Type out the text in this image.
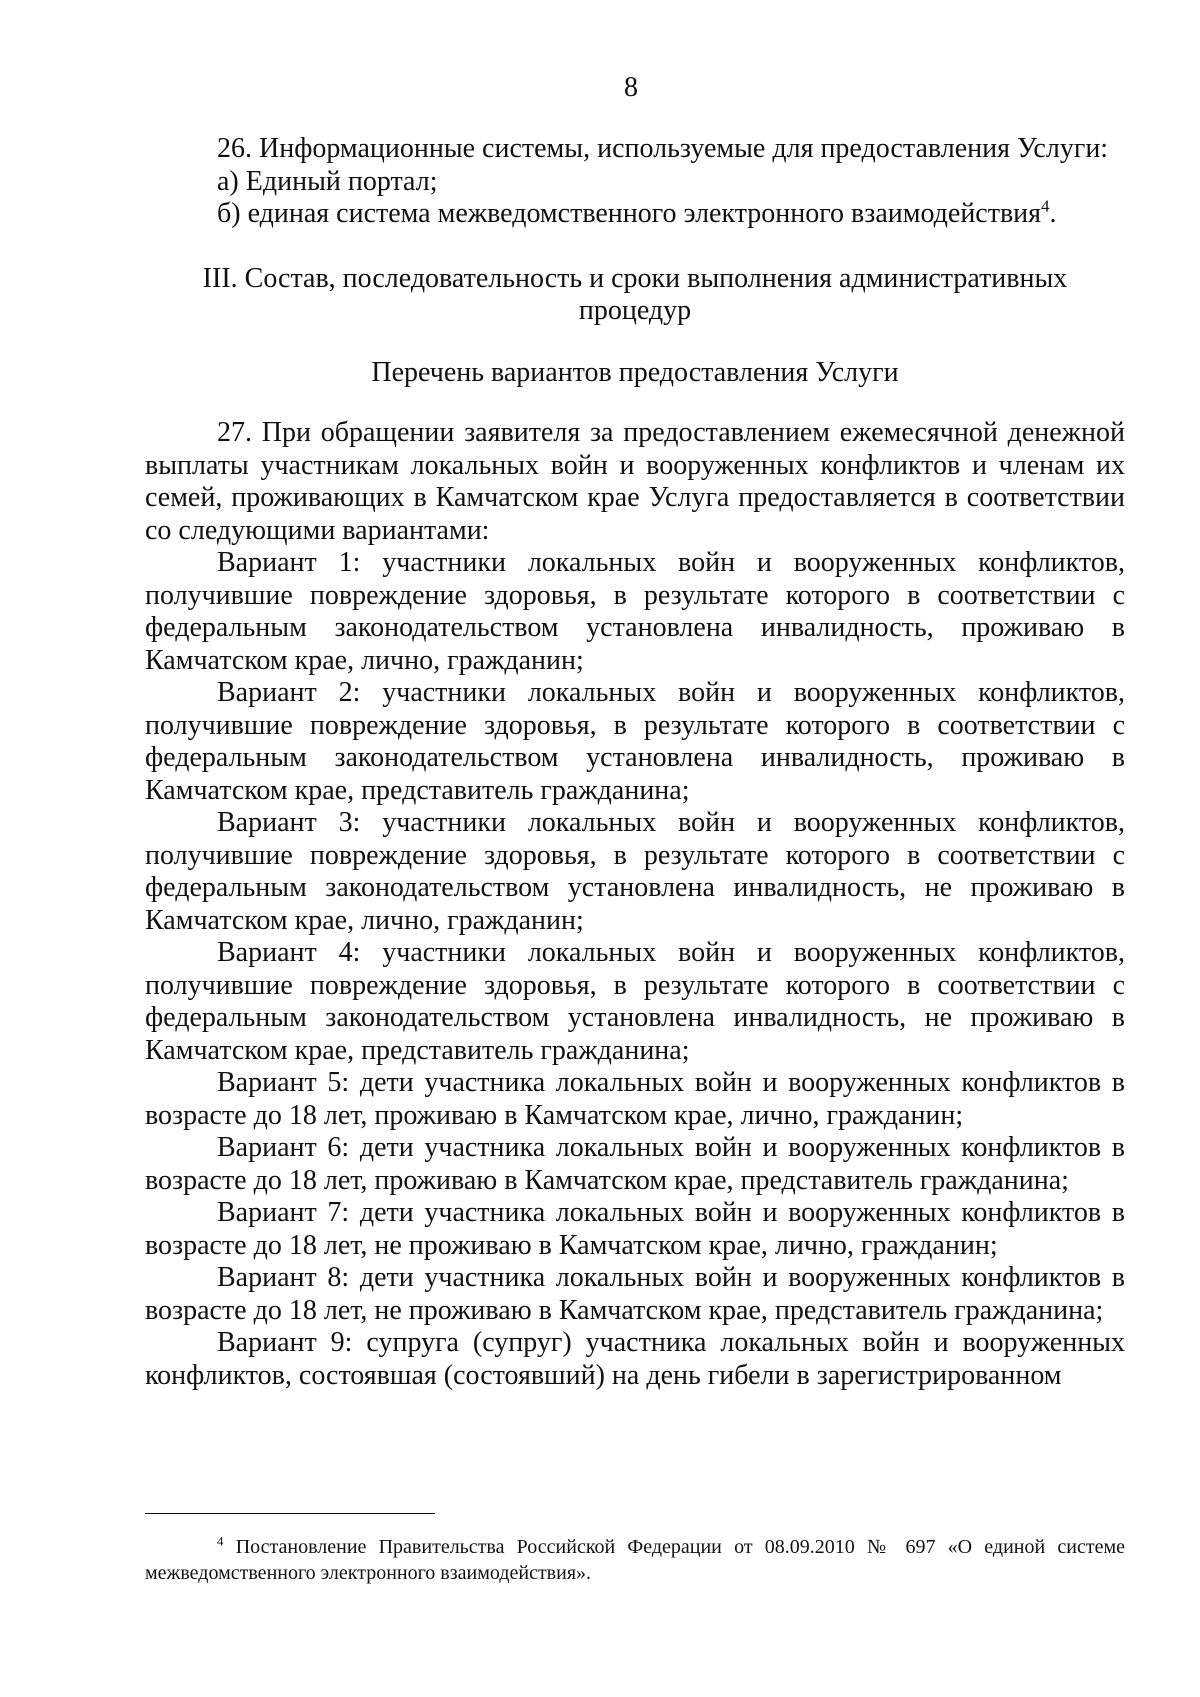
8

26. Информационные системы, используемые для предоставления Услуги:

а) Единый портал;

б) единая система межведомственного электронного взаимодействия$^4$.

III. Состав, последовательность и сроки выполнения административных процедур

Перечень вариантов предоставления Услуги

27. При обращении заявителя за предоставлением ежемесячной денежной выплаты участникам локальных войн и вооруженных конфликтов и членам их семей, проживающих в Камчатском крае Услуга предоставляется в соответствии со следующими вариантами:

Вариант 1: участники локальных войн и вооруженных конфликтов, получившие повреждение здоровья, в результате которого в соответствии с федеральным законодательством установлена инвалидность, проживаю в Камчатском крае, лично, гражданин;

Вариант 2: участники локальных войн и вооруженных конфликтов, получившие повреждение здоровья, в результате которого в соответствии с федеральным законодательством установлена инвалидность, проживаю в Камчатском крае, представитель гражданина;

Вариант 3: участники локальных войн и вооруженных конфликтов, получившие повреждение здоровья, в результате которого в соответствии с федеральным законодательством установлена инвалидность, не проживаю в Камчатском крае, лично, гражданин;

Вариант 4: участники локальных войн и вооруженных конфликтов, получившие повреждение здоровья, в результате которого в соответствии с федеральным законодательством установлена инвалидность, не проживаю в Камчатском крае, представитель гражданина;

Вариант 5: дети участника локальных войн и вооруженных конфликтов в возрасте до 18 лет, проживаю в Камчатском крае, лично, гражданин;

Вариант 6: дети участника локальных войн и вооруженных конфликтов в возрасте до 18 лет, проживаю в Камчатском крае, представитель гражданина;

Вариант 7: дети участника локальных войн и вооруженных конфликтов в возрасте до 18 лет, не проживаю в Камчатском крае, лично, гражданин;

Вариант 8: дети участника локальных войн и вооруженных конфликтов в возрасте до 18 лет, не проживаю в Камчатском крае, представитель гражданина;

Вариант 9: супруга (супруг) участника локальных войн и вооруженных конфликтов, состоявшая (состоявший) на день гибели в зарегистрированном

$^4$ Постановление Правительства Российской Федерации от 08.09.2010 № 697 «О единой системе межведомственного электронного взаимодействия».
